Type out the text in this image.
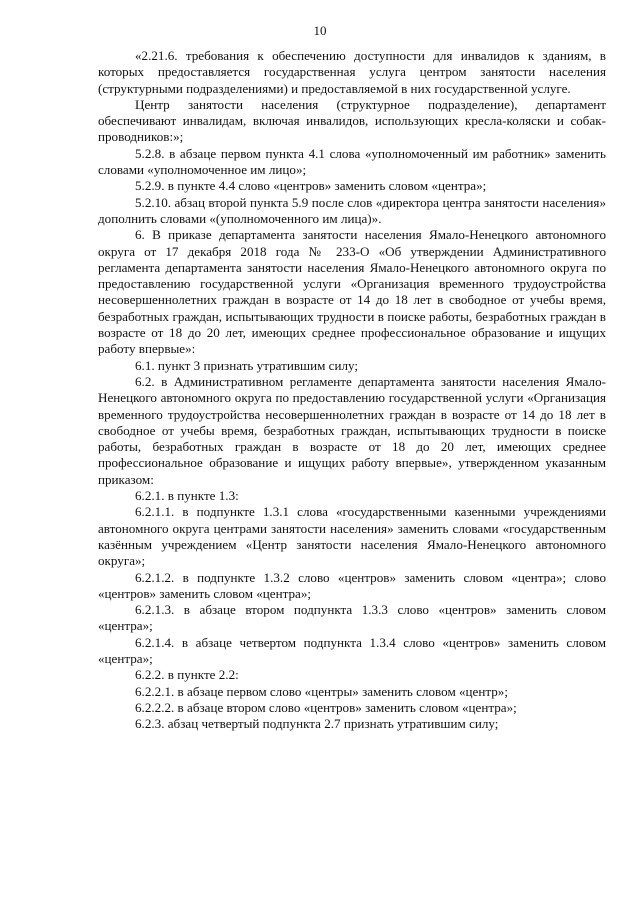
10

«2.21.6. требования к обеспечению доступности для инвалидов к зданиям, в которых предоставляется государственная услуга центром занятости населения (структурными подразделениями) и предоставляемой в них государственной услуге.

Центр занятости населения (структурное подразделение), департамент обеспечивают инвалидам, включая инвалидов, использующих кресла-коляски и собак-проводников:»;

5.2.8. в абзаце первом пункта 4.1 слова «уполномоченный им работник» заменить словами «уполномоченное им лицо»;

5.2.9. в пункте 4.4 слово «центров» заменить словом «центра»;

5.2.10. абзац второй пункта 5.9 после слов «директора центра занятости населения» дополнить словами «(уполномоченного им лица)».

6. В приказе департамента занятости населения Ямало-Ненецкого автономного округа от 17 декабря 2018 года № 233-О «Об утверждении Административного регламента департамента занятости населения Ямало-Ненецкого автономного округа по предоставлению государственной услуги «Организация временного трудоустройства несовершеннолетних граждан в возрасте от 14 до 18 лет в свободное от учебы время, безработных граждан, испытывающих трудности в поиске работы, безработных граждан в возрасте от 18 до 20 лет, имеющих среднее профессиональное образование и ищущих работу впервые»:

6.1. пункт 3 признать утратившим силу;

6.2. в Административном регламенте департамента занятости населения Ямало-Ненецкого автономного округа по предоставлению государственной услуги «Организация временного трудоустройства несовершеннолетних граждан в возрасте от 14 до 18 лет в свободное от учебы время, безработных граждан, испытывающих трудности в поиске работы, безработных граждан в возрасте от 18 до 20 лет, имеющих среднее профессиональное образование и ищущих работу впервые», утвержденном указанным приказом:

6.2.1. в пункте 1.3:

6.2.1.1. в подпункте 1.3.1 слова «государственными казенными учреждениями автономного округа центрами занятости населения» заменить словами «государственным казённым учреждением «Центр занятости населения Ямало-Ненецкого автономного округа»;

6.2.1.2. в подпункте 1.3.2 слово «центров» заменить словом «центра»; слово «центров» заменить словом «центра»;

6.2.1.3. в абзаце втором подпункта 1.3.3 слово «центров» заменить словом «центра»;

6.2.1.4. в абзаце четвертом подпункта 1.3.4 слово «центров» заменить словом «центра»;

6.2.2. в пункте 2.2:

6.2.2.1. в абзаце первом слово «центры» заменить словом «центр»;

6.2.2.2. в абзаце втором слово «центров» заменить словом «центра»;

6.2.3. абзац четвертый подпункта 2.7 признать утратившим силу;
